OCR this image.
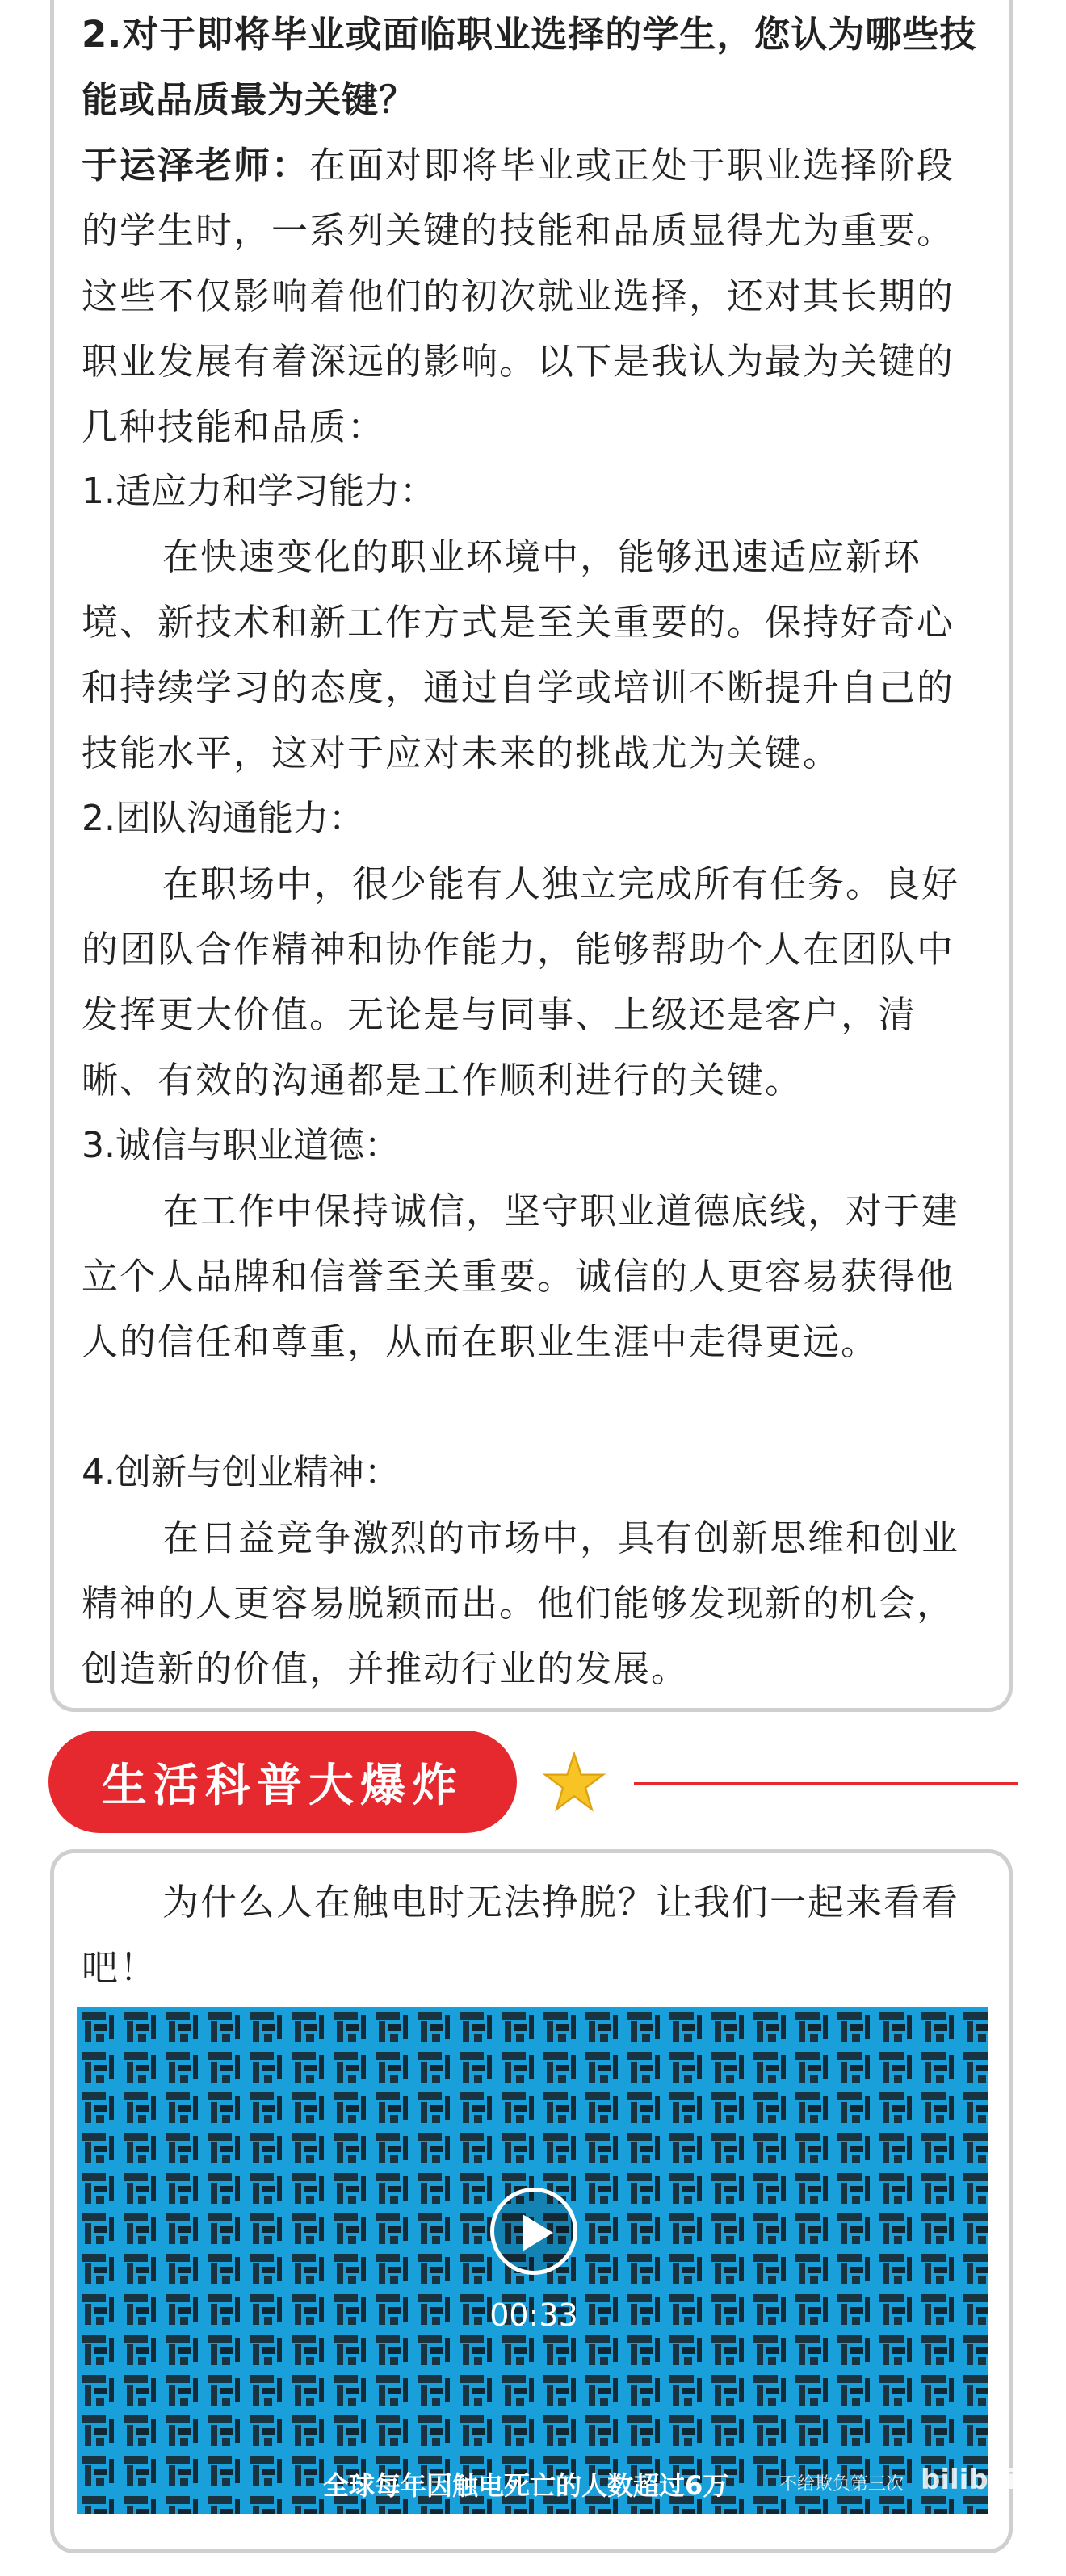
2.对于即将毕业或面临职业选择的学生，您认为哪些技能或品质最为关键？
于运泽老师：在面对即将毕业或正处于职业选择阶段的学生时，一系列关键的技能和品质显得尤为重要。这些不仅影响着他们的初次就业选择，还对其长期的职业发展有着深远的影响。以下是我认为最为关键的几种技能和品质：
1.适应力和学习能力：
在快速变化的职业环境中，能够迅速适应新环境、新技术和新工作方式是至关重要的。保持好奇心和持续学习的态度，通过自学或培训不断提升自己的技能水平，这对于应对未来的挑战尤为关键。
2.团队沟通能力：
在职场中，很少能有人独立完成所有任务。良好的团队合作精神和协作能力，能够帮助个人在团队中发挥更大价值。无论是与同事、上级还是客户，清晰、有效的沟通都是工作顺利进行的关键。
3.诚信与职业道德：
在工作中保持诚信，坚守职业道德底线，对于建立个人品牌和信誉至关重要。诚信的人更容易获得他人的信任和尊重，从而在职业生涯中走得更远。
4.创新与创业精神：
在日益竞争激烈的市场中，具有创新思维和创业精神的人更容易脱颖而出。他们能够发现新的机会，创造新的价值，并推动行业的发展。
生活科普大爆炸
为什么人在触电时无法挣脱？让我们一起来看看吧！
00:33
全球每年因触电死亡的人数超过6万	不给欺负第三次 bilibili
